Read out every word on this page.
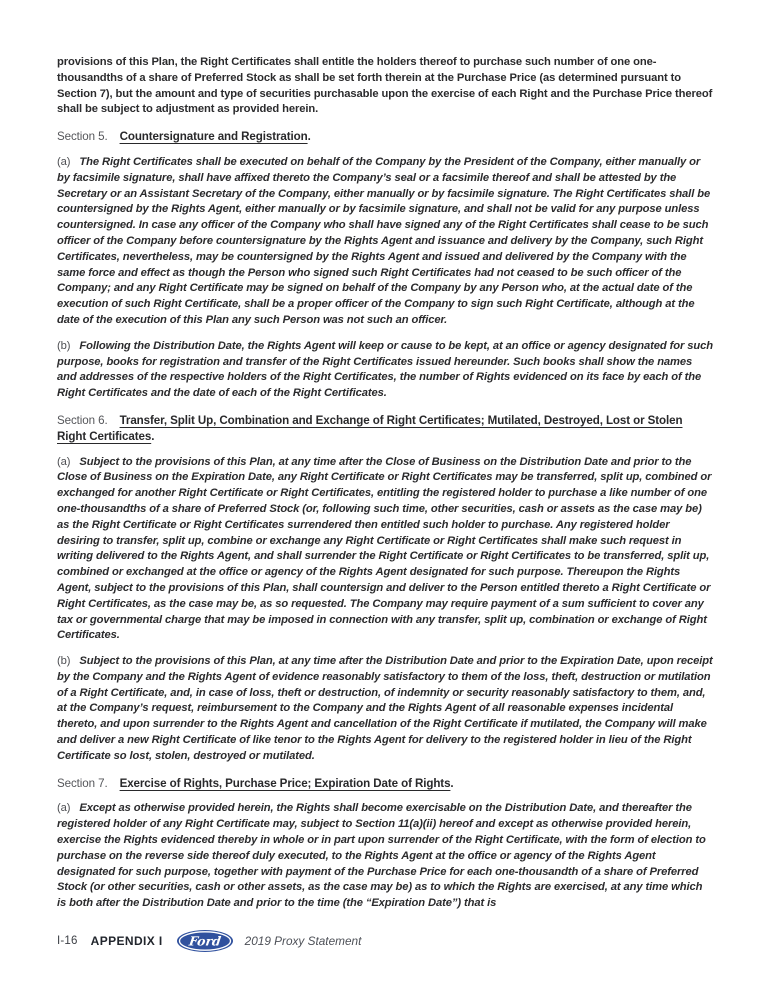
provisions of this Plan, the Right Certificates shall entitle the holders thereof to purchase such number of one one-thousandths of a share of Preferred Stock as shall be set forth therein at the Purchase Price (as determined pursuant to Section 7), but the amount and type of securities purchasable upon the exercise of each Right and the Purchase Price thereof shall be subject to adjustment as provided herein.

Section 5. Countersignature and Registration.

(a) The Right Certificates shall be executed on behalf of the Company by the President of the Company, either manually or by facsimile signature, shall have affixed thereto the Company’s seal or a facsimile thereof and shall be attested by the Secretary or an Assistant Secretary of the Company, either manually or by facsimile signature. The Right Certificates shall be countersigned by the Rights Agent, either manually or by facsimile signature, and shall not be valid for any purpose unless countersigned. In case any officer of the Company who shall have signed any of the Right Certificates shall cease to be such officer of the Company before countersignature by the Rights Agent and issuance and delivery by the Company, such Right Certificates, nevertheless, may be countersigned by the Rights Agent and issued and delivered by the Company with the same force and effect as though the Person who signed such Right Certificates had not ceased to be such officer of the Company; and any Right Certificate may be signed on behalf of the Company by any Person who, at the actual date of the execution of such Right Certificate, shall be a proper officer of the Company to sign such Right Certificate, although at the date of the execution of this Plan any such Person was not such an officer.

(b) Following the Distribution Date, the Rights Agent will keep or cause to be kept, at an office or agency designated for such purpose, books for registration and transfer of the Right Certificates issued hereunder. Such books shall show the names and addresses of the respective holders of the Right Certificates, the number of Rights evidenced on its face by each of the Right Certificates and the date of each of the Right Certificates.

Section 6. Transfer, Split Up, Combination and Exchange of Right Certificates; Mutilated, Destroyed, Lost or Stolen Right Certificates.

(a) Subject to the provisions of this Plan, at any time after the Close of Business on the Distribution Date and prior to the Close of Business on the Expiration Date, any Right Certificate or Right Certificates may be transferred, split up, combined or exchanged for another Right Certificate or Right Certificates, entitling the registered holder to purchase a like number of one one-thousandths of a share of Preferred Stock (or, following such time, other securities, cash or assets as the case may be) as the Right Certificate or Right Certificates surrendered then entitled such holder to purchase. Any registered holder desiring to transfer, split up, combine or exchange any Right Certificate or Right Certificates shall make such request in writing delivered to the Rights Agent, and shall surrender the Right Certificate or Right Certificates to be transferred, split up, combined or exchanged at the office or agency of the Rights Agent designated for such purpose. Thereupon the Rights Agent, subject to the provisions of this Plan, shall countersign and deliver to the Person entitled thereto a Right Certificate or Right Certificates, as the case may be, as so requested. The Company may require payment of a sum sufficient to cover any tax or governmental charge that may be imposed in connection with any transfer, split up, combination or exchange of Right Certificates.

(b) Subject to the provisions of this Plan, at any time after the Distribution Date and prior to the Expiration Date, upon receipt by the Company and the Rights Agent of evidence reasonably satisfactory to them of the loss, theft, destruction or mutilation of a Right Certificate, and, in case of loss, theft or destruction, of indemnity or security reasonably satisfactory to them, and, at the Company’s request, reimbursement to the Company and the Rights Agent of all reasonable expenses incidental thereto, and upon surrender to the Rights Agent and cancellation of the Right Certificate if mutilated, the Company will make and deliver a new Right Certificate of like tenor to the Rights Agent for delivery to the registered holder in lieu of the Right Certificate so lost, stolen, destroyed or mutilated.

Section 7. Exercise of Rights, Purchase Price; Expiration Date of Rights.

(a) Except as otherwise provided herein, the Rights shall become exercisable on the Distribution Date, and thereafter the registered holder of any Right Certificate may, subject to Section 11(a)(ii) hereof and except as otherwise provided herein, exercise the Rights evidenced thereby in whole or in part upon surrender of the Right Certificate, with the form of election to purchase on the reverse side thereof duly executed, to the Rights Agent at the office or agency of the Rights Agent designated for such purpose, together with payment of the Purchase Price for each one-thousandth of a share of Preferred Stock (or other securities, cash or other assets, as the case may be) as to which the Rights are exercised, at any time which is both after the Distribution Date and prior to the time (the “Expiration Date”) that is

I-16 APPENDIX I Ford 2019 Proxy Statement
